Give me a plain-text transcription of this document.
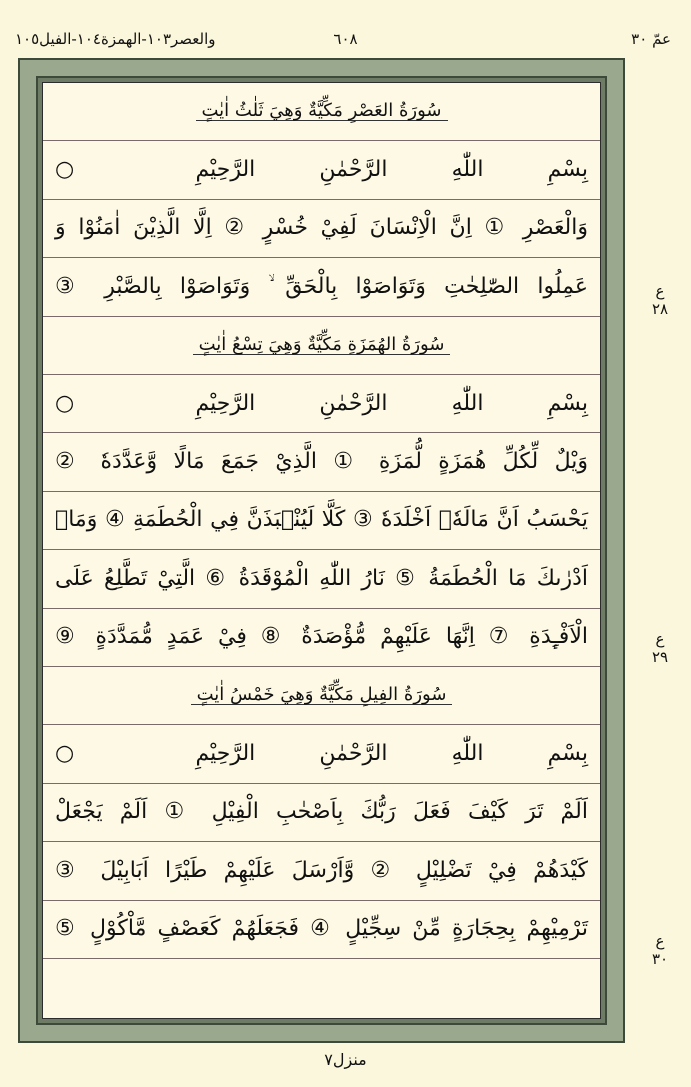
عمّ ٣٠
٦٠٨
والعصر١٠٣-الهمزة١٠٤-الفيل١٠٥
سُورَةُ العَصْرِ مَكِّيَّةٌ وَهِيَ ثَلٰثُ اٰيٰتٍ
بِسْمِ اللّٰهِ الرَّحْمٰنِ الرَّحِيْمِ ○
وَالْعَصْرِ ① اِنَّ الْاِنْسَانَ لَفِيْ خُسْرٍ ② اِلَّا الَّذِيْنَ اٰمَنُوْا وَ
عَمِلُوا الصّٰلِحٰتِ وَتَوَاصَوْا بِالْحَقِّ ۙ وَتَوَاصَوْا بِالصَّبْرِ ③
سُورَةُ الهُمَزَةِ مَكِّيَّةٌ وَهِيَ تِسْعُ اٰيٰتٍ
بِسْمِ اللّٰهِ الرَّحْمٰنِ الرَّحِيْمِ ○
وَيْلٌ لِّكُلِّ هُمَزَةٍ لُّمَزَةِ ① الَّذِيْ جَمَعَ مَالًا وَّعَدَّدَهٗ ②
يَحْسَبُ اَنَّ مَالَهٗۤ اَخْلَدَهٗ ③ كَلَّا لَيُنْۢبَذَنَّ فِي الْحُطَمَةِ ④ وَمَاۤ
اَدْرٰىكَ مَا الْحُطَمَةُ ⑤ نَارُ اللّٰهِ الْمُوْقَدَةُ ⑥ الَّتِيْ تَطَّلِعُ عَلَى
الْاَفْـِٕدَةِ ⑦ اِنَّهَا عَلَيْهِمْ مُّؤْصَدَةٌ ⑧ فِيْ عَمَدٍ مُّمَدَّدَةٍ ⑨
سُورَةُ الفِيلِ مَكِّيَّةٌ وَهِيَ خَمْسُ اٰيٰتٍ
بِسْمِ اللّٰهِ الرَّحْمٰنِ الرَّحِيْمِ ○
اَلَمْ تَرَ كَيْفَ فَعَلَ رَبُّكَ بِاَصْحٰبِ الْفِيْلِ ① اَلَمْ يَجْعَلْ
كَيْدَهُمْ فِيْ تَضْلِيْلٍ ② وَّاَرْسَلَ عَلَيْهِمْ طَيْرًا اَبَابِيْلَ ③
تَرْمِيْهِمْ بِحِجَارَةٍ مِّنْ سِجِّيْلٍ ④ فَجَعَلَهُمْ كَعَصْفٍ مَّاْكُوْلٍ ⑤
ع
٢٨
ع
٢٩
ع
٣٠
منزل۷
